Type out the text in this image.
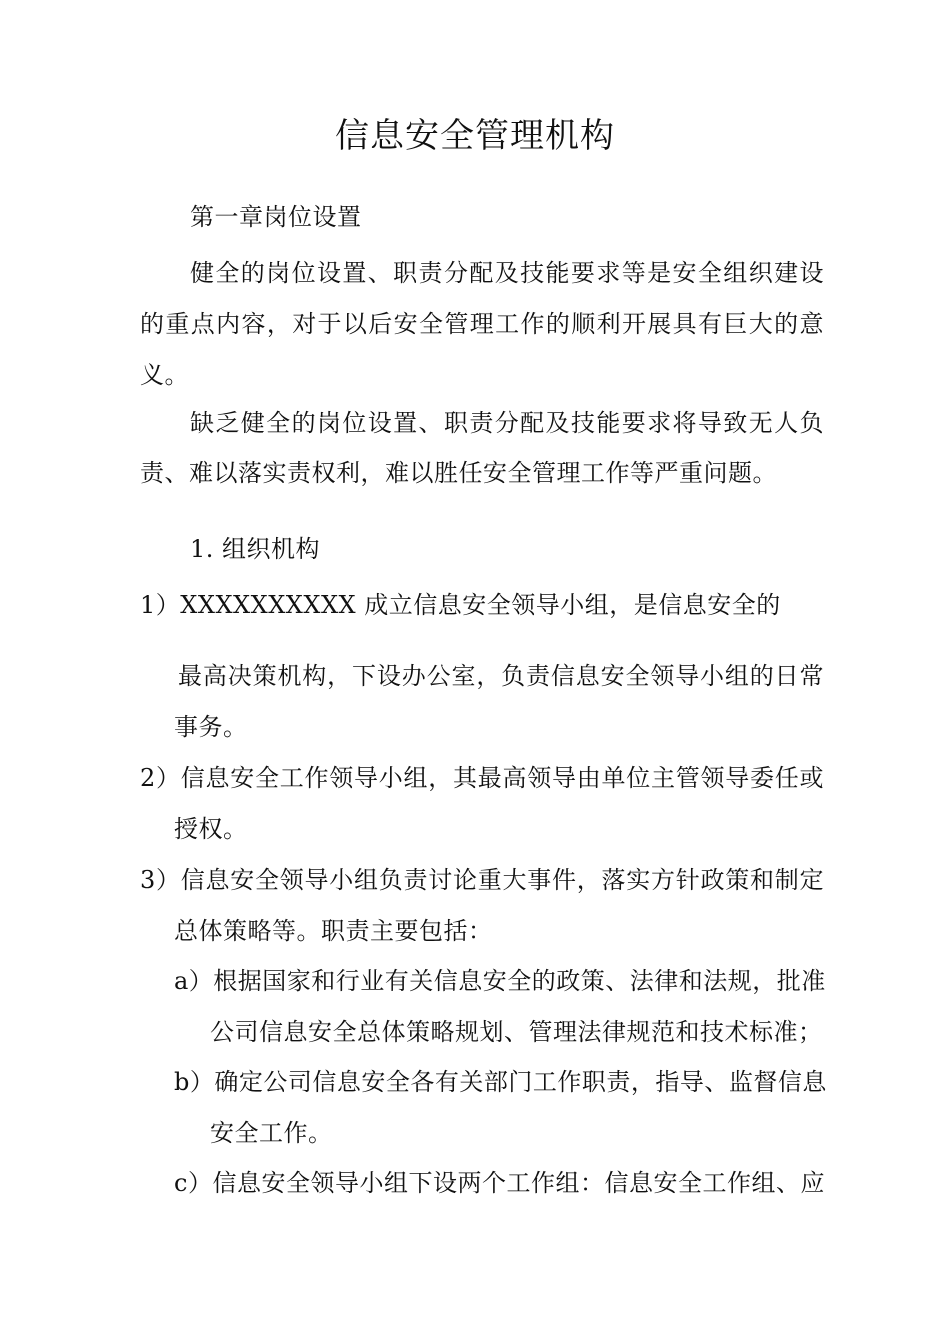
信息安全管理机构
第一章岗位设置
健全的岗位设置、职责分配及技能要求等是安全组织建设
的重点内容，对于以后安全管理工作的顺利开展具有巨大的意
义。
缺乏健全的岗位设置、职责分配及技能要求将导致无人负
责、难以落实责权利，难以胜任安全管理工作等严重问题。
1. 组织机构
1）XXXXXXXXXX 成立信息安全领导小组，是信息安全的
最高决策机构，下设办公室，负责信息安全领导小组的日常
事务。
2）信息安全工作领导小组，其最高领导由单位主管领导委任或
授权。
3）信息安全领导小组负责讨论重大事件，落实方针政策和制定
总体策略等。职责主要包括：
a）根据国家和行业有关信息安全的政策、法律和法规，批准
公司信息安全总体策略规划、管理法律规范和技术标准；
b）确定公司信息安全各有关部门工作职责，指导、监督信息
安全工作。
c）信息安全领导小组下设两个工作组：信息安全工作组、应
